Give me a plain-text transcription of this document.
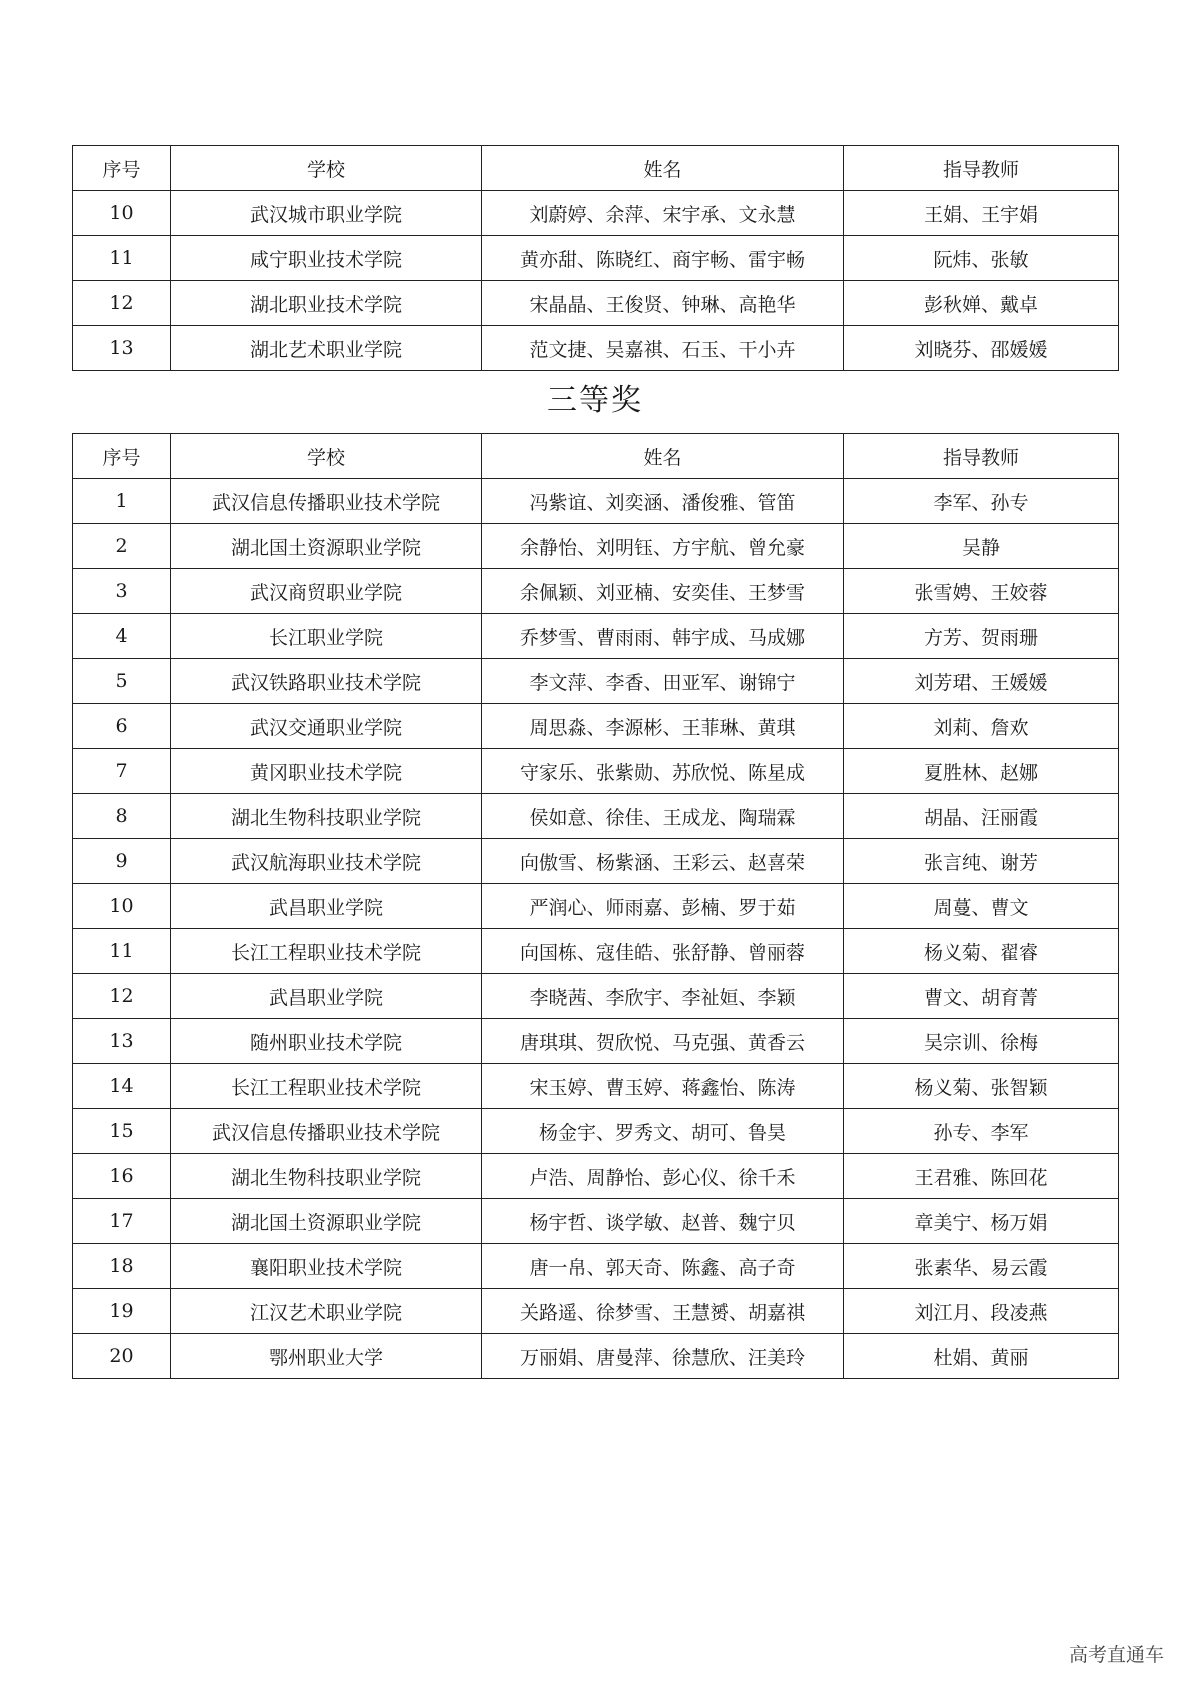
序号	学校	姓名	指导教师
10	武汉城市职业学院	刘蔚婷、余萍、宋宇承、文永慧	王娟、王宇娟
11	咸宁职业技术学院	黄亦甜、陈晓红、商宇畅、雷宇畅	阮炜、张敏
12	湖北职业技术学院	宋晶晶、王俊贤、钟琳、高艳华	彭秋婵、戴卓
13	湖北艺术职业学院	范文捷、吴嘉祺、石玉、干小卉	刘晓芬、邵媛媛
三等奖
序号	学校	姓名	指导教师
1	武汉信息传播职业技术学院	冯紫谊、刘奕涵、潘俊雅、管笛	李军、孙专
2	湖北国土资源职业学院	余静怡、刘明钰、方宇航、曾允豪	吴静
3	武汉商贸职业学院	余佩颖、刘亚楠、安奕佳、王梦雪	张雪娉、王姣蓉
4	长江职业学院	乔梦雪、曹雨雨、韩宇成、马成娜	方芳、贺雨珊
5	武汉铁路职业技术学院	李文萍、李香、田亚军、谢锦宁	刘芳珺、王媛媛
6	武汉交通职业学院	周思淼、李源彬、王菲琳、黄琪	刘莉、詹欢
7	黄冈职业技术学院	守家乐、张紫勋、苏欣悦、陈星成	夏胜林、赵娜
8	湖北生物科技职业学院	侯如意、徐佳、王成龙、陶瑞霖	胡晶、汪丽霞
9	武汉航海职业技术学院	向傲雪、杨紫涵、王彩云、赵喜荣	张言纯、谢芳
10	武昌职业学院	严润心、师雨嘉、彭楠、罗于茹	周蔓、曹文
11	长江工程职业技术学院	向国栋、寇佳皓、张舒静、曾丽蓉	杨义菊、翟睿
12	武昌职业学院	李晓茜、李欣宇、李祉姮、李颖	曹文、胡育菁
13	随州职业技术学院	唐琪琪、贺欣悦、马克强、黄香云	吴宗训、徐梅
14	长江工程职业技术学院	宋玉婷、曹玉婷、蒋鑫怡、陈涛	杨义菊、张智颖
15	武汉信息传播职业技术学院	杨金宇、罗秀文、胡可、鲁昊	孙专、李军
16	湖北生物科技职业学院	卢浩、周静怡、彭心仪、徐千禾	王君雅、陈回花
17	湖北国土资源职业学院	杨宇哲、谈学敏、赵普、魏宁贝	章美宁、杨万娟
18	襄阳职业技术学院	唐一帛、郭天奇、陈鑫、高子奇	张素华、易云霞
19	江汉艺术职业学院	关路遥、徐梦雪、王慧赟、胡嘉祺	刘江月、段凌燕
20	鄂州职业大学	万丽娟、唐曼萍、徐慧欣、汪美玲	杜娟、黄丽
高考直通车
